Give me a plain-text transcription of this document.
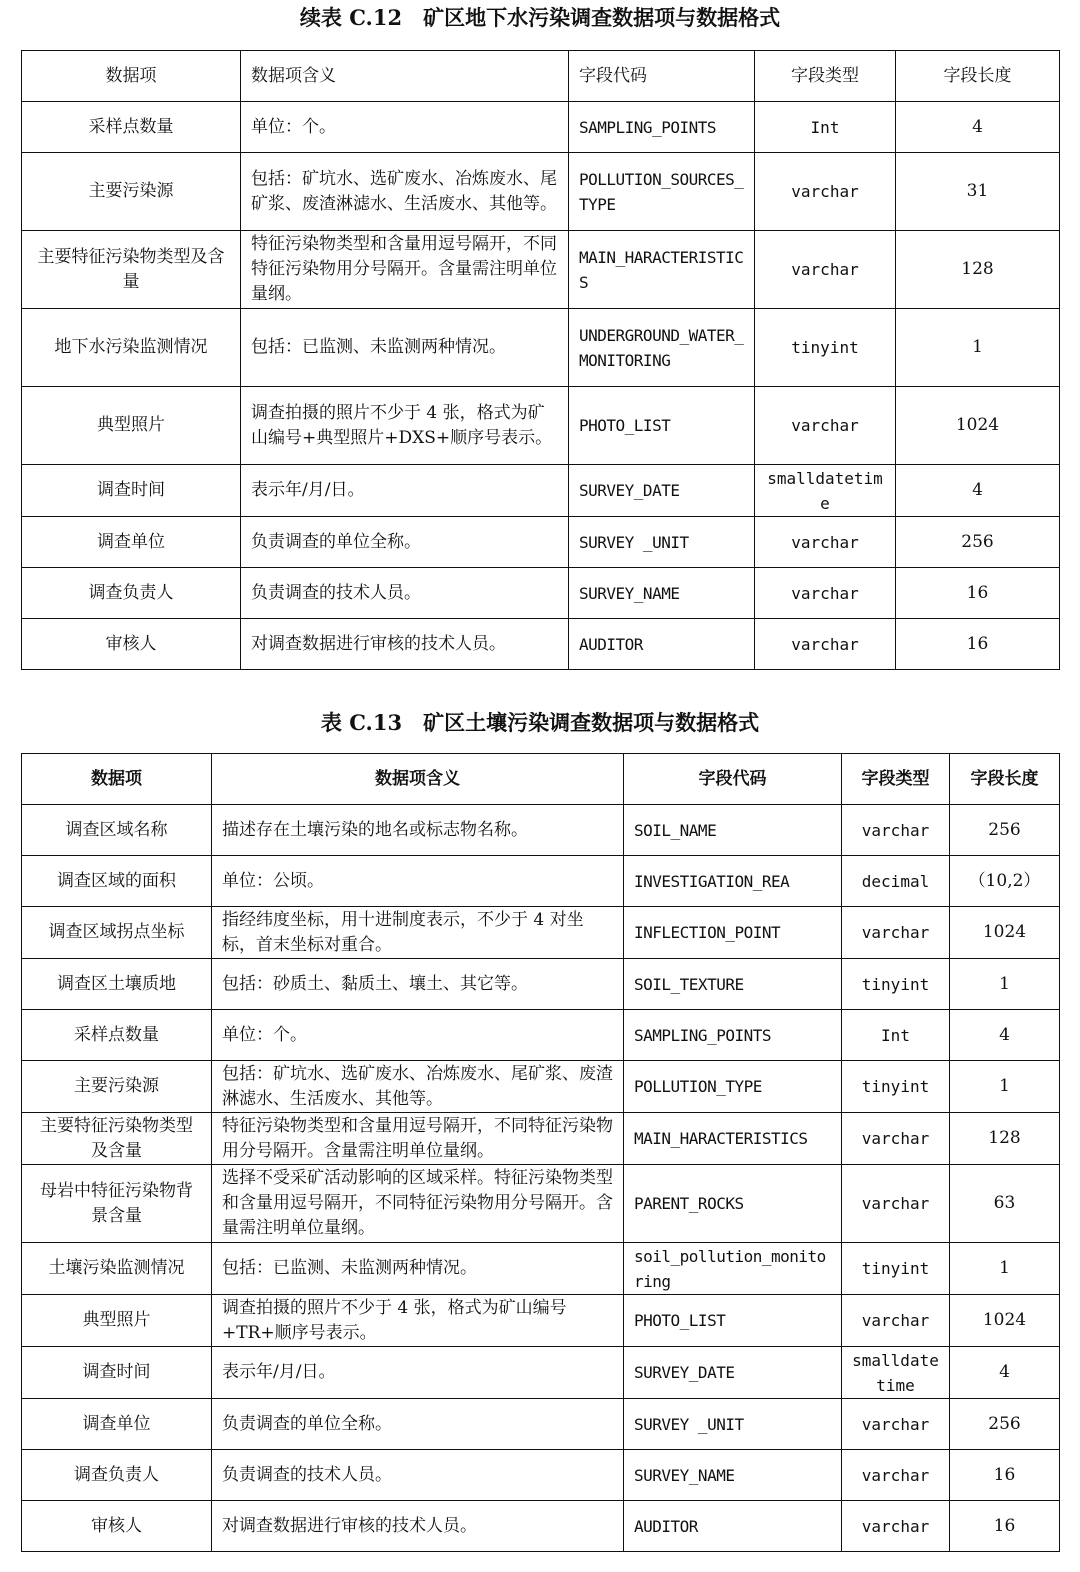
续表 C.12　矿区地下水污染调查数据项与数据格式
数据项	数据项含义	字段代码	字段类型	字段长度
采样点数量	单位：个。	SAMPLING_POINTS	Int	4
主要污染源	包括：矿坑水、选矿废水、冶炼废水、尾矿浆、废渣淋滤水、生活废水、其他等。	POLLUTION_SOURCES_TYPE	varchar	31
主要特征污染物类型及含量	特征污染物类型和含量用逗号隔开，不同特征污染物用分号隔开。含量需注明单位量纲。	MAIN_HARACTERISTICS	varchar	128
地下水污染监测情况	包括：已监测、未监测两种情况。	UNDERGROUND_WATER_MONITORING	tinyint	1
典型照片	调查拍摄的照片不少于 4 张，格式为矿山编号+典型照片+DXS+顺序号表示。	PHOTO_LIST	varchar	1024
调查时间	表示年/月/日。	SURVEY_DATE	smalldatetime	4
调查单位	负责调查的单位全称。	SURVEY _UNIT	varchar	256
调查负责人	负责调查的技术人员。	SURVEY_NAME	varchar	16
审核人	对调查数据进行审核的技术人员。	AUDITOR	varchar	16
表 C.13　矿区土壤污染调查数据项与数据格式
数据项	数据项含义	字段代码	字段类型	字段长度
调查区域名称	描述存在土壤污染的地名或标志物名称。	SOIL_NAME	varchar	256
调查区域的面积	单位：公顷。	INVESTIGATION_REA	decimal	（10,2）
调查区域拐点坐标	指经纬度坐标，用十进制度表示，不少于 4 对坐标，首末坐标对重合。	INFLECTION_POINT	varchar	1024
调查区土壤质地	包括：砂质土、黏质土、壤土、其它等。	SOIL_TEXTURE	tinyint	1
采样点数量	单位：个。	SAMPLING_POINTS	Int	4
主要污染源	包括：矿坑水、选矿废水、冶炼废水、尾矿浆、废渣淋滤水、生活废水、其他等。	POLLUTION_TYPE	tinyint	1
主要特征污染物类型及含量	特征污染物类型和含量用逗号隔开，不同特征污染物用分号隔开。含量需注明单位量纲。	MAIN_HARACTERISTICS	varchar	128
母岩中特征污染物背景含量	选择不受采矿活动影响的区域采样。特征污染物类型和含量用逗号隔开，不同特征污染物用分号隔开。含量需注明单位量纲。	PARENT_ROCKS	varchar	63
土壤污染监测情况	包括：已监测、未监测两种情况。	soil_pollution_monitoring	tinyint	1
典型照片	调查拍摄的照片不少于 4 张，格式为矿山编号+TR+顺序号表示。	PHOTO_LIST	varchar	1024
调查时间	表示年/月/日。	SURVEY_DATE	smalldatetime	4
调查单位	负责调查的单位全称。	SURVEY _UNIT	varchar	256
调查负责人	负责调查的技术人员。	SURVEY_NAME	varchar	16
审核人	对调查数据进行审核的技术人员。	AUDITOR	varchar	16
